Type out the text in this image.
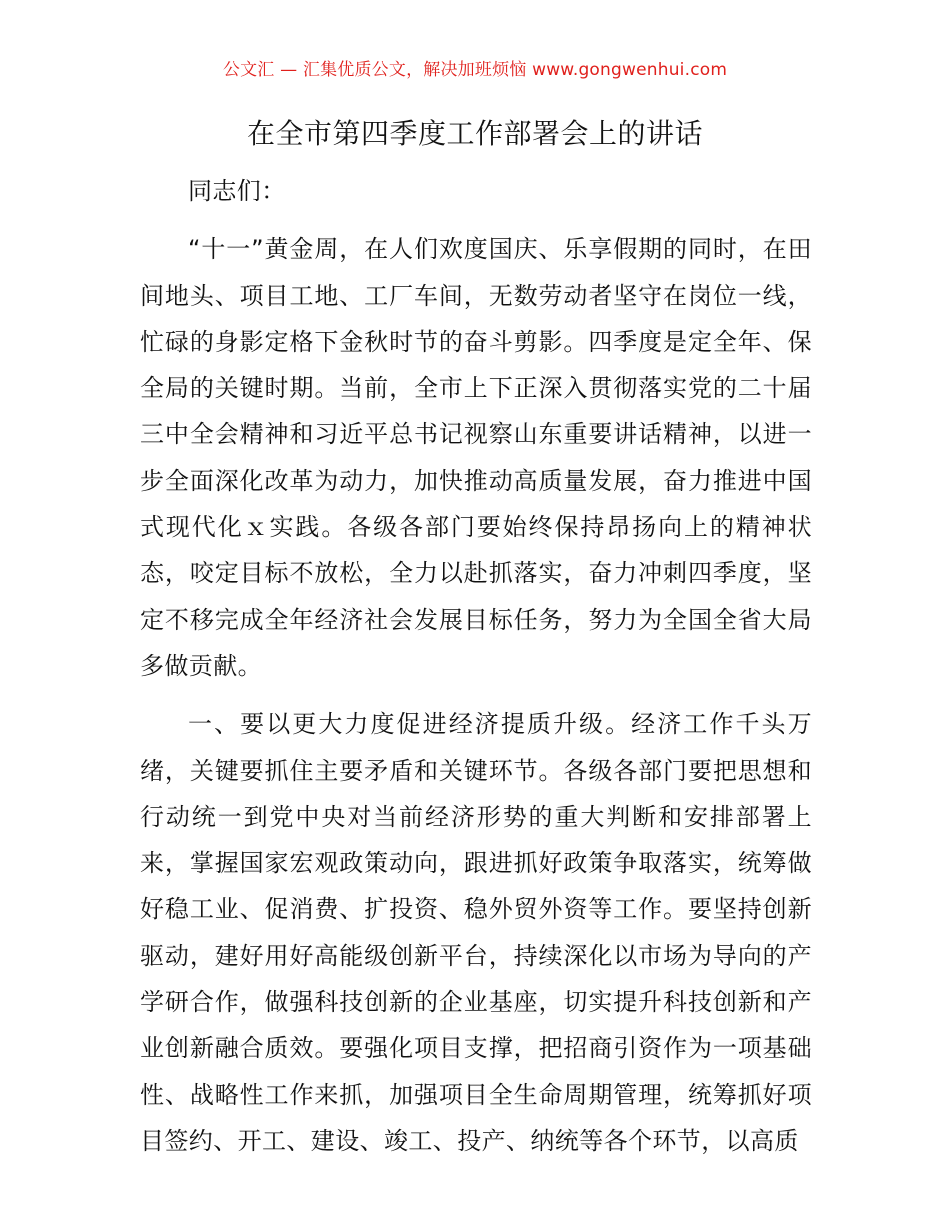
公文汇 — 汇集优质公文，解决加班烦恼 www.gongwenhui.com
在全市第四季度工作部署会上的讲话

同志们：

“十一”黄金周，在人们欢度国庆、乐享假期的同时，在田间地头、项目工地、工厂车间，无数劳动者坚守在岗位一线，忙碌的身影定格下金秋时节的奋斗剪影。四季度是定全年、保全局的关键时期。当前，全市上下正深入贯彻落实党的二十届三中全会精神和习近平总书记视察山东重要讲话精神，以进一步全面深化改革为动力，加快推动高质量发展，奋力推进中国式现代化ｘ实践。各级各部门要始终保持昂扬向上的精神状态，咬定目标不放松，全力以赴抓落实，奋力冲刺四季度，坚定不移完成全年经济社会发展目标任务，努力为全国全省大局多做贡献。

一、要以更大力度促进经济提质升级。经济工作千头万绪，关键要抓住主要矛盾和关键环节。各级各部门要把思想和行动统一到党中央对当前经济形势的重大判断和安排部署上来，掌握国家宏观政策动向，跟进抓好政策争取落实，统筹做好稳工业、促消费、扩投资、稳外贸外资等工作。要坚持创新驱动，建好用好高能级创新平台，持续深化以市场为导向的产学研合作，做强科技创新的企业基座，切实提升科技创新和产业创新融合质效。要强化项目支撑，把招商引资作为一项基础性、战略性工作来抓，加强项目全生命周期管理，统筹抓好项目签约、开工、建设、竣工、投产、纳统等各个环节，以高质
